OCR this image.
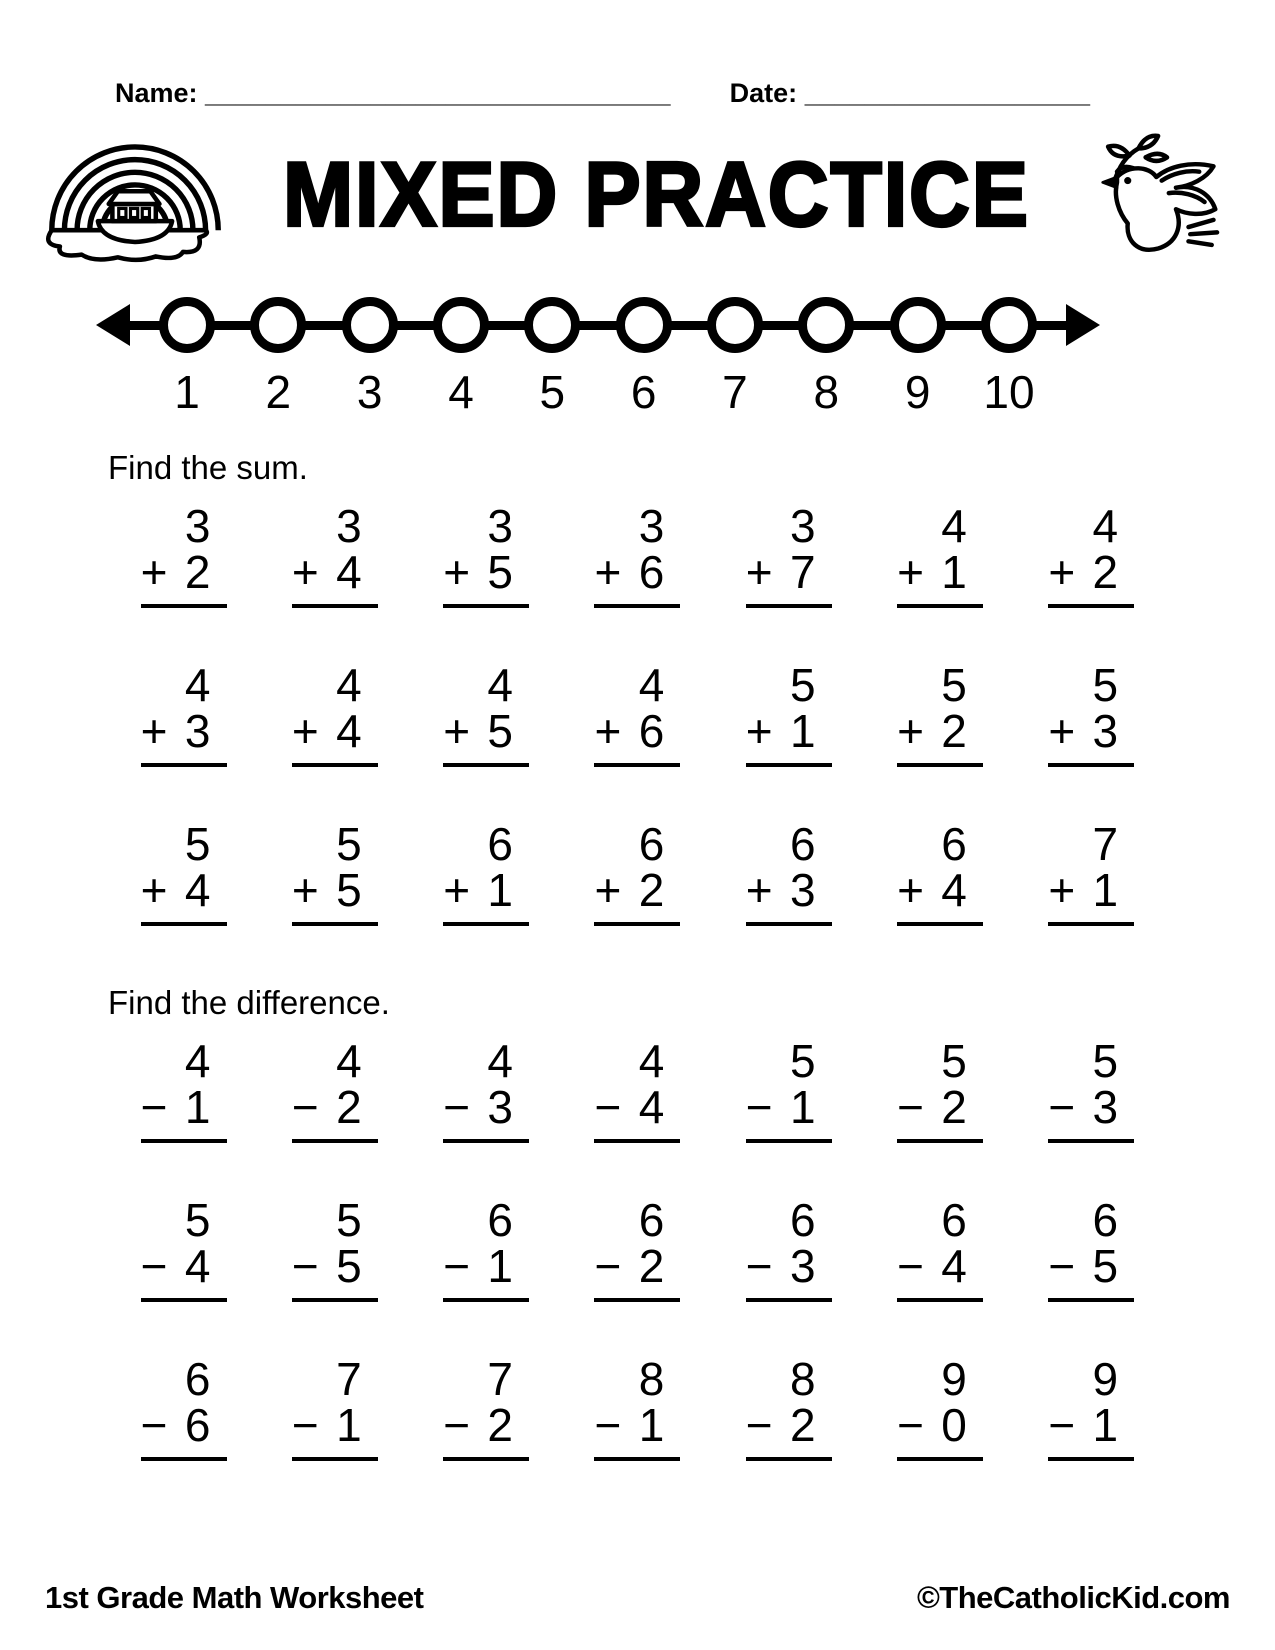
Name: _______________________________ Date: ___________________
MIXED PRACTICE
1 2 3 4 5 6 7 8 9 10
Find the sum.
3
+ 2
3
+ 4
3
+ 5
3
+ 6
3
+ 7
4
+ 1
4
+ 2
4
+ 3
4
+ 4
4
+ 5
4
+ 6
5
+ 1
5
+ 2
5
+ 3
5
+ 4
5
+ 5
6
+ 1
6
+ 2
6
+ 3
6
+ 4
7
+ 1
Find the difference.
4
− 1
4
− 2
4
− 3
4
− 4
5
− 1
5
− 2
5
− 3
5
− 4
5
− 5
6
− 1
6
− 2
6
− 3
6
− 4
6
− 5
6
− 6
7
− 1
7
− 2
8
− 1
8
− 2
9
− 0
9
− 1
1st Grade Math Worksheet	©TheCatholicKid.com
